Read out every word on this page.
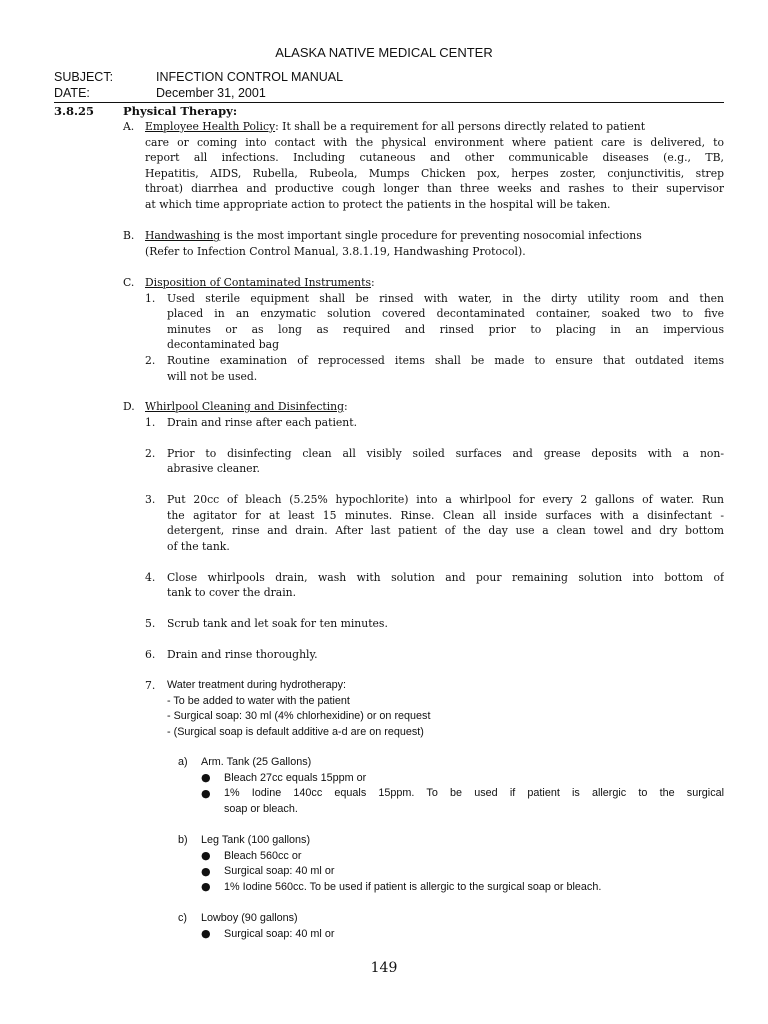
ALASKA NATIVE MEDICAL CENTER
SUBJECT:	INFECTION CONTROL MANUAL
DATE:	December 31, 2001
3.8.25	Physical Therapy:
A. Employee Health Policy: It shall be a requirement for all persons directly related to patient
care or coming into contact with the physical environment where patient care is delivered, to
report all infections. Including cutaneous and other communicable diseases (e.g., TB,
Hepatitis, AIDS, Rubella, Rubeola, Mumps Chicken pox, herpes zoster, conjunctivitis, strep
throat) diarrhea and productive cough longer than three weeks and rashes to their supervisor
at which time appropriate action to protect the patients in the hospital will be taken.
B. Handwashing is the most important single procedure for preventing nosocomial infections
(Refer to Infection Control Manual, 3.8.1.19, Handwashing Protocol).
C. Disposition of Contaminated Instruments:
1. Used sterile equipment shall be rinsed with water, in the dirty utility room and then
placed in an enzymatic solution covered decontaminated container, soaked two to five
minutes or as long as required and rinsed prior to placing in an impervious
decontaminated bag
2. Routine examination of reprocessed items shall be made to ensure that outdated items
will not be used.
D. Whirlpool Cleaning and Disinfecting:
1. Drain and rinse after each patient.
2. Prior to disinfecting clean all visibly soiled surfaces and grease deposits with a non-
abrasive cleaner.
3. Put 20cc of bleach (5.25% hypochlorite) into a whirlpool for every 2 gallons of water. Run
the agitator for at least 15 minutes. Rinse. Clean all inside surfaces with a disinfectant -
detergent, rinse and drain. After last patient of the day use a clean towel and dry bottom
of the tank.
4. Close whirlpools drain, wash with solution and pour remaining solution into bottom of
tank to cover the drain.
5. Scrub tank and let soak for ten minutes.
6. Drain and rinse thoroughly.
7. Water treatment during hydrotherapy:
- To be added to water with the patient
- Surgical soap: 30 ml (4% chlorhexidine) or on request
- (Surgical soap is default additive a-d are on request)
a) Arm. Tank (25 Gallons)
● Bleach 27cc equals 15ppm or
● 1% Iodine 140cc equals 15ppm. To be used if patient is allergic to the surgical
soap or bleach.
b) Leg Tank (100 gallons)
● Bleach 560cc or
● Surgical soap: 40 ml or
● 1% Iodine 560cc. To be used if patient is allergic to the surgical soap or bleach.
c) Lowboy (90 gallons)
● Surgical soap: 40 ml or
149
